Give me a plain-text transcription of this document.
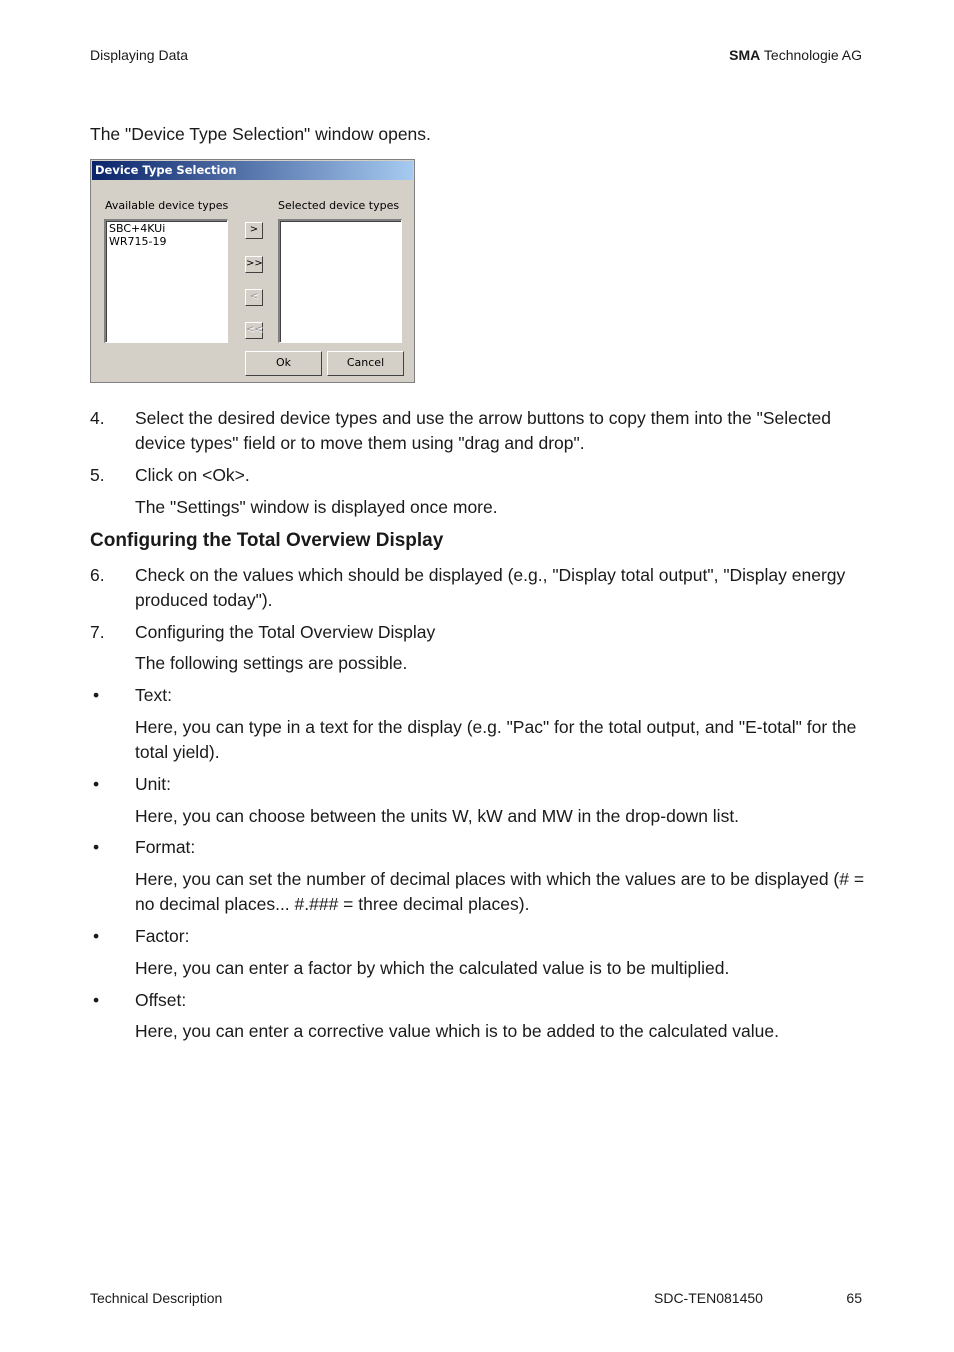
Displaying Data	SMA Technologie AG
The "Device Type Selection" window opens.
Device Type Selection
Available device types	Selected device types
SBC+4KUi
WR715-19
>
>>
<
<<
Ok	Cancel
4. Select the desired device types and use the arrow buttons to copy them into the "Selected device types" field or to move them using "drag and drop".
5. Click on <Ok>.
The "Settings" window is displayed once more.
Configuring the Total Overview Display
6. Check on the values which should be displayed (e.g., "Display total output", "Display energy produced today").
7. Configuring the Total Overview Display
The following settings are possible.
• Text:
Here, you can type in a text for the display (e.g. "Pac" for the total output, and "E-total" for the total yield).
• Unit:
Here, you can choose between the units W, kW and MW in the drop-down list.
• Format:
Here, you can set the number of decimal places with which the values are to be displayed (# = no decimal places... #.### = three decimal places).
• Factor:
Here, you can enter a factor by which the calculated value is to be multiplied.
• Offset:
Here, you can enter a corrective value which is to be added to the calculated value.
Technical Description	SDC-TEN081450	65
